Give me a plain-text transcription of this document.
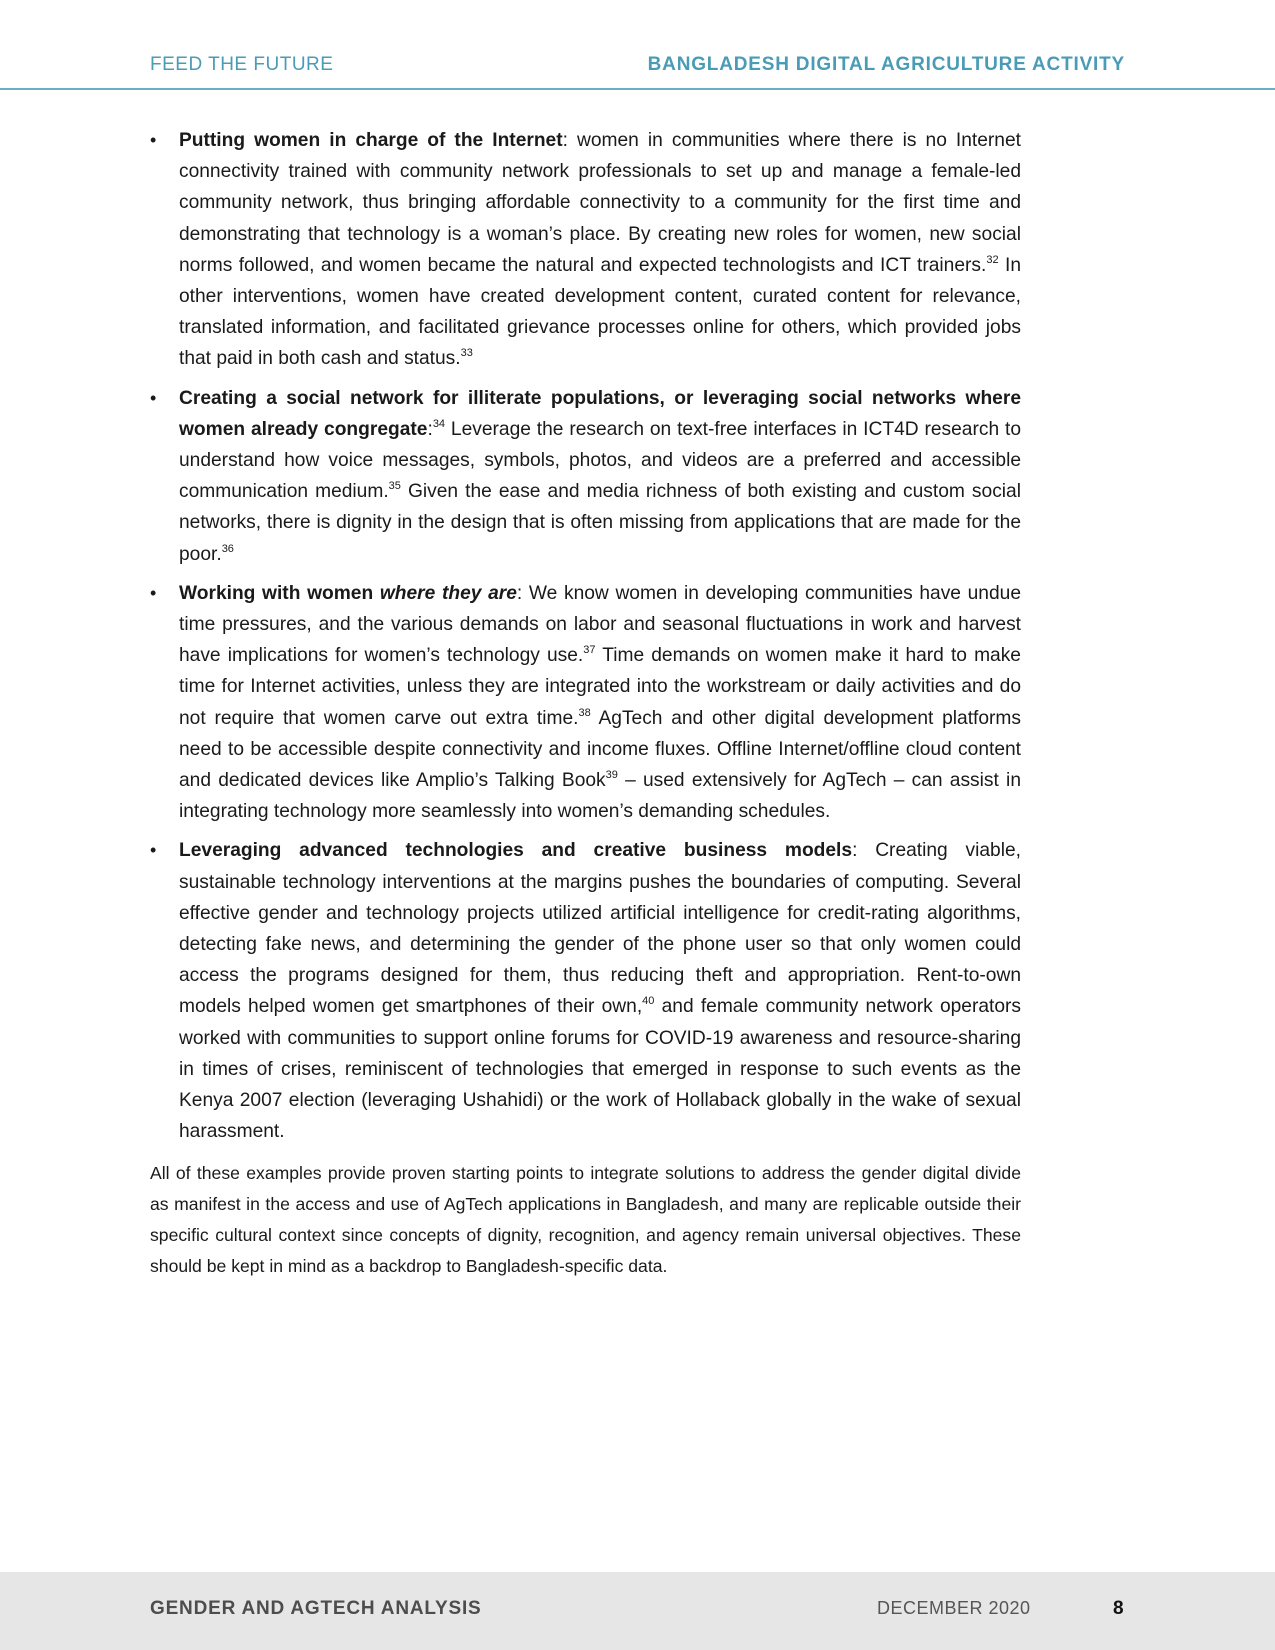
FEED THE FUTURE	BANGLADESH DIGITAL AGRICULTURE ACTIVITY
• Putting women in charge of the Internet: women in communities where there is no Internet connectivity trained with community network professionals to set up and manage a female-led community network, thus bringing affordable connectivity to a community for the first time and demonstrating that technology is a woman’s place. By creating new roles for women, new social norms followed, and women became the natural and expected technologists and ICT trainers.$^{32}$ In other interventions, women have created development content, curated content for relevance, translated information, and facilitated grievance processes online for others, which provided jobs that paid in both cash and status.$^{33}$

• Creating a social network for illiterate populations, or leveraging social networks where women already congregate:$^{34}$ Leverage the research on text-free interfaces in ICT4D research to understand how voice messages, symbols, photos, and videos are a preferred and accessible communication medium.$^{35}$ Given the ease and media richness of both existing and custom social networks, there is dignity in the design that is often missing from applications that are made for the poor.$^{36}$

• Working with women where they are: We know women in developing communities have undue time pressures, and the various demands on labor and seasonal fluctuations in work and harvest have implications for women’s technology use.$^{37}$ Time demands on women make it hard to make time for Internet activities, unless they are integrated into the workstream or daily activities and do not require that women carve out extra time.$^{38}$ AgTech and other digital development platforms need to be accessible despite connectivity and income fluxes. Offline Internet/offline cloud content and dedicated devices like Amplio’s Talking Book$^{39}$ – used extensively for AgTech – can assist in integrating technology more seamlessly into women’s demanding schedules.

• Leveraging advanced technologies and creative business models: Creating viable, sustainable technology interventions at the margins pushes the boundaries of computing. Several effective gender and technology projects utilized artificial intelligence for credit-rating algorithms, detecting fake news, and determining the gender of the phone user so that only women could access the programs designed for them, thus reducing theft and appropriation. Rent-to-own models helped women get smartphones of their own,$^{40}$ and female community network operators worked with communities to support online forums for COVID-19 awareness and resource-sharing in times of crises, reminiscent of technologies that emerged in response to such events as the Kenya 2007 election (leveraging Ushahidi) or the work of Hollaback globally in the wake of sexual harassment.

All of these examples provide proven starting points to integrate solutions to address the gender digital divide as manifest in the access and use of AgTech applications in Bangladesh, and many are replicable outside their specific cultural context since concepts of dignity, recognition, and agency remain universal objectives. These should be kept in mind as a backdrop to Bangladesh-specific data.

GENDER AND AGTECH ANALYSIS	DECEMBER 2020	8
